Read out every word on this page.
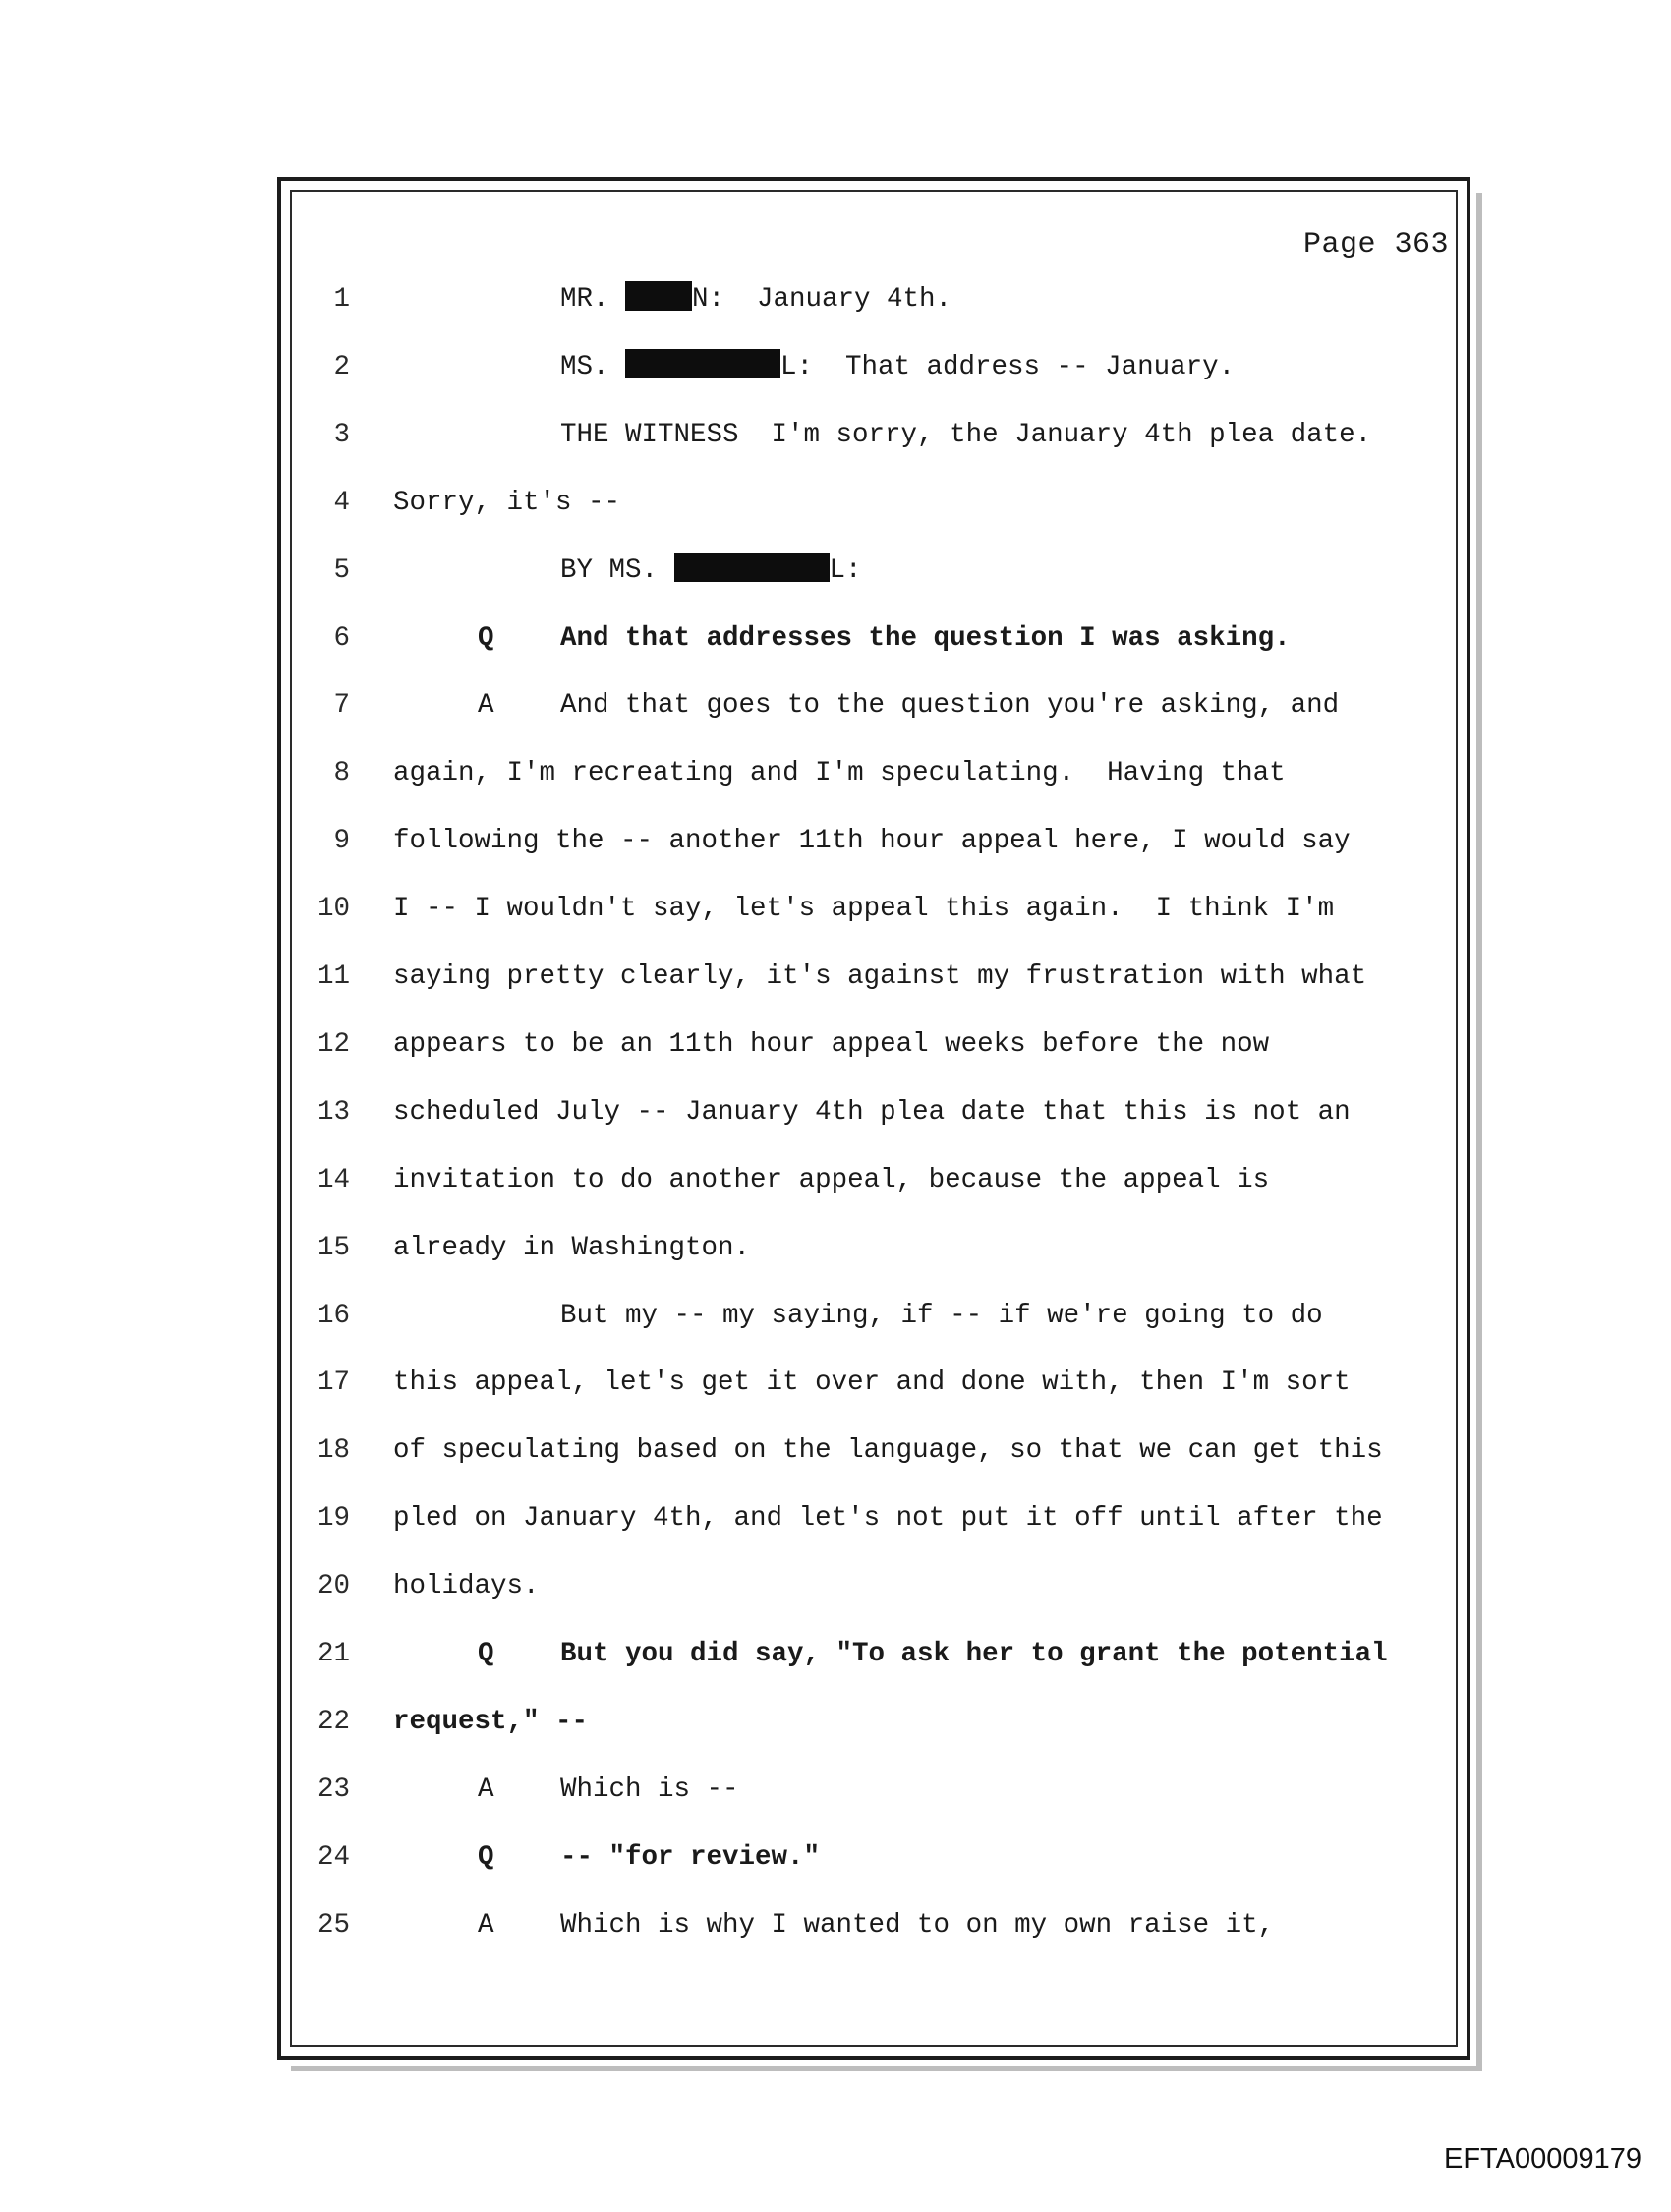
Page 363
1	MR. N:  January 4th.
2	MS.	L:  That address -- January.
3	THE WITNESS  I'm sorry, the January 4th plea date.
4 Sorry, it's --
5	BY MS.	L:
6	Q And that addresses the question I was asking.
7	A And that goes to the question you're asking, and
8 again, I'm recreating and I'm speculating.  Having that
9 following the -- another 11th hour appeal here, I would say
10 I -- I wouldn't say, let's appeal this again.  I think I'm
11 saying pretty clearly, it's against my frustration with what
12 appears to be an 11th hour appeal weeks before the now
13 scheduled July -- January 4th plea date that this is not an
14 invitation to do another appeal, because the appeal is
15 already in Washington.
16	But my -- my saying, if -- if we're going to do
17 this appeal, let's get it over and done with, then I'm sort
18 of speculating based on the language, so that we can get this
19 pled on January 4th, and let's not put it off until after the
20 holidays.
21	Q But you did say, "To ask her to grant the potential
22 request," --
23	A Which is --
24	Q -- "for review."
25	A Which is why I wanted to on my own raise it,
EFTA00009179
